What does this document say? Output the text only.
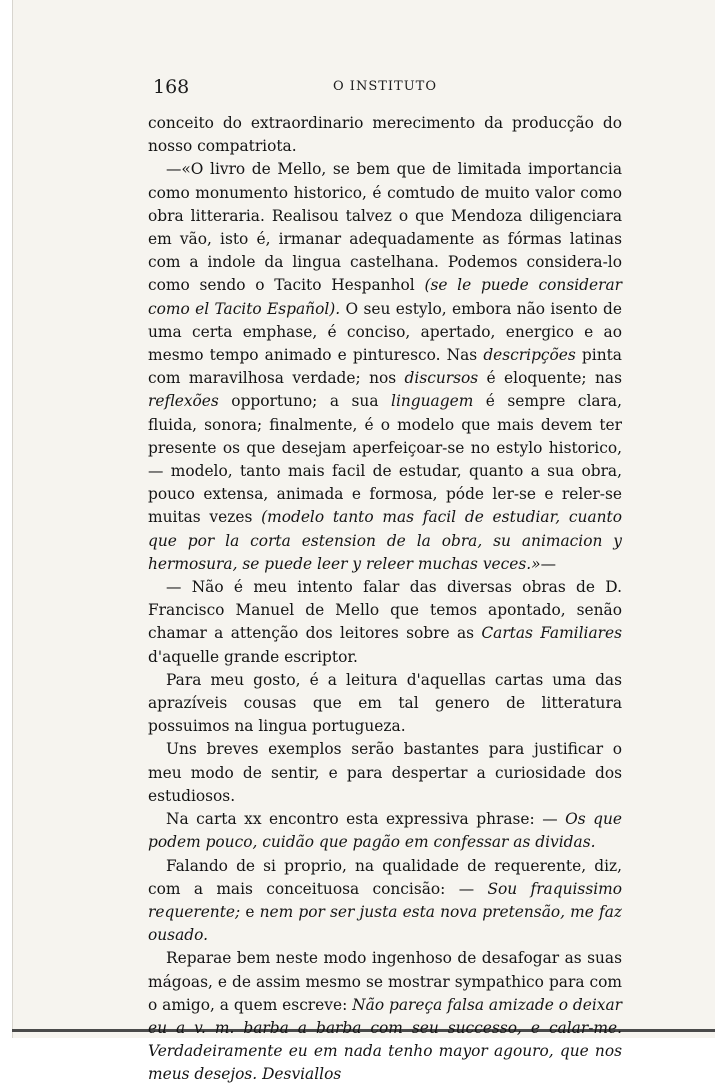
168	O INSTITUTO

conceito do extraordinario merecimento da producção do nosso compatriota.

—«O livro de Mello, se bem que de limitada importancia como monumento historico, é comtudo de muito valor como obra litteraria. Realisou talvez o que Mendoza diligenciara em vão, isto é, irmanar adequadamente as fórmas latinas com a indole da lingua castelhana. Podemos considera-lo como sendo o Tacito Hespanhol (se le puede considerar como el Tacito Español). O seu estylo, embora não isento de uma certa emphase, é conciso, apertado, energico e ao mesmo tempo animado e pinturesco. Nas descripções pinta com maravilhosa verdade; nos discursos é eloquente; nas reflexões opportuno; a sua linguagem é sempre clara, fluida, sonora; finalmente, é o modelo que mais devem ter presente os que desejam aperfeiçoar-se no estylo historico, — modelo, tanto mais facil de estudar, quanto a sua obra, pouco extensa, animada e formosa, póde ler-se e reler-se muitas vezes (modelo tanto mas facil de estudiar, cuanto que por la corta estension de la obra, su animacion y hermosura, se puede leer y releer muchas veces.»—

— Não é meu intento falar das diversas obras de D. Francisco Manuel de Mello que temos apontado, senão chamar a attenção dos leitores sobre as Cartas Familiares d'aquelle grande escriptor.

Para meu gosto, é a leitura d'aquellas cartas uma das aprazíveis cousas que em tal genero de litteratura possuimos na lingua portugueza.

Uns breves exemplos serão bastantes para justificar o meu modo de sentir, e para despertar a curiosidade dos estudiosos.

Na carta xx encontro esta expressiva phrase: — Os que podem pouco, cuidão que pagão em confessar as dividas.

Falando de si proprio, na qualidade de requerente, diz, com a mais conceituosa concisão: — Sou fraquissimo requerente; e nem por ser justa esta nova pretensão, me faz ousado.

Reparae bem neste modo ingenhoso de desafogar as suas mágoas, e de assim mesmo se mostrar sympathico para com o amigo, a quem escreve: Não pareça falsa amizade o deixar eu a v. m. barba a barba com seu successo, e calar-me. Verdadeiramente eu em nada tenho mayor agouro, que nos meus desejos. Desviallos
